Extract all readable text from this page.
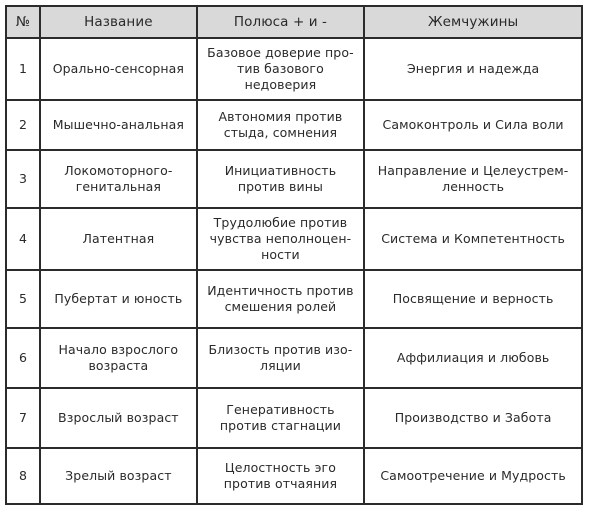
№	Название	Полюса + и -	Жемчужины
1	Орально-сенсорная	Базовое доверие про-тив базового недоверия	Энергия и надежда
2	Мышечно-анальная	Автономия против стыда, сомнения	Самоконтроль и Сила воли
3	Локомоторного-генитальная	Инициативность против вины	Направление и Целеустрем-ленность
4	Латентная	Трудолюбие против чувства неполноцен-ности	Система и Компетентность
5	Пубертат и юность	Идентичность против смешения ролей	Посвящение и верность
6	Начало взрослого возраста	Близость против изо-ляции	Аффилиация и любовь
7	Взрослый возраст	Генеративность против стагнации	Производство и Забота
8	Зрелый возраст	Целостность эго против отчаяния	Самоотречение и Мудрость
